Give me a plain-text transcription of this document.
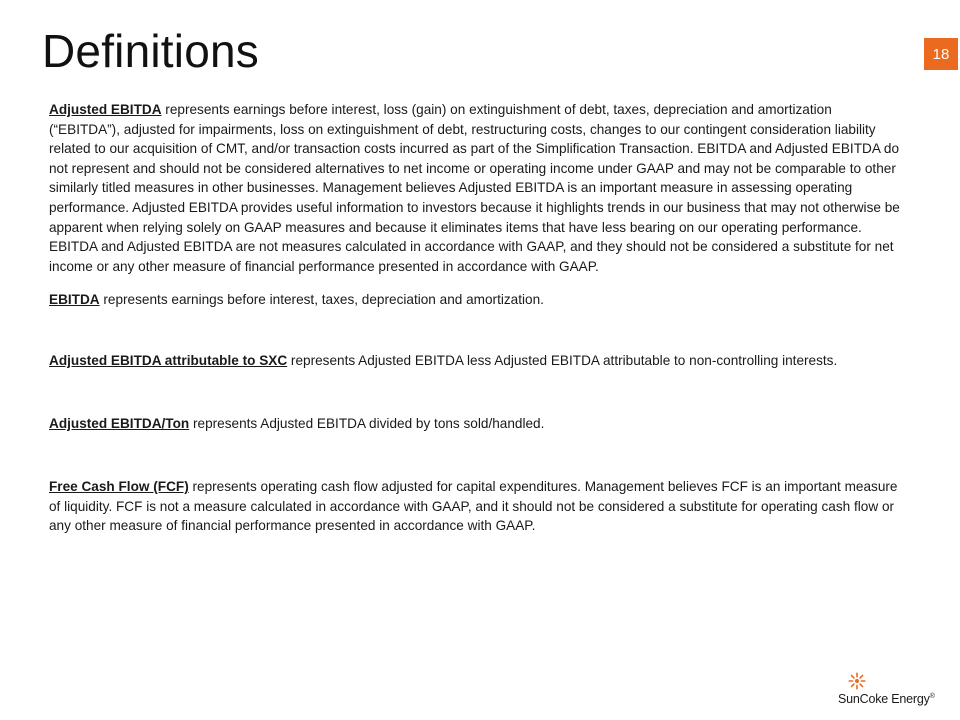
Definitions	18

Adjusted EBITDA represents earnings before interest, loss (gain) on extinguishment of debt, taxes, depreciation and amortization (“EBITDA”), adjusted for impairments, loss on extinguishment of debt, restructuring costs, changes to our contingent consideration liability related to our acquisition of CMT, and/or transaction costs incurred as part of the Simplification Transaction. EBITDA and Adjusted EBITDA do not represent and should not be considered alternatives to net income or operating income under GAAP and may not be comparable to other similarly titled measures in other businesses. Management believes Adjusted EBITDA is an important measure in assessing operating performance. Adjusted EBITDA provides useful information to investors because it highlights trends in our business that may not otherwise be apparent when relying solely on GAAP measures and because it eliminates items that have less bearing on our operating performance. EBITDA and Adjusted EBITDA are not measures calculated in accordance with GAAP, and they should not be considered a substitute for net income or any other measure of financial performance presented in accordance with GAAP.

EBITDA represents earnings before interest, taxes, depreciation and amortization.

Adjusted EBITDA attributable to SXC represents Adjusted EBITDA less Adjusted EBITDA attributable to non-controlling interests.

Adjusted EBITDA/Ton represents Adjusted EBITDA divided by tons sold/handled.

Free Cash Flow (FCF) represents operating cash flow adjusted for capital expenditures. Management believes FCF is an important measure of liquidity. FCF is not a measure calculated in accordance with GAAP, and it should not be considered a substitute for operating cash flow or any other measure of financial performance presented in accordance with GAAP.

SunCoke Energy®
